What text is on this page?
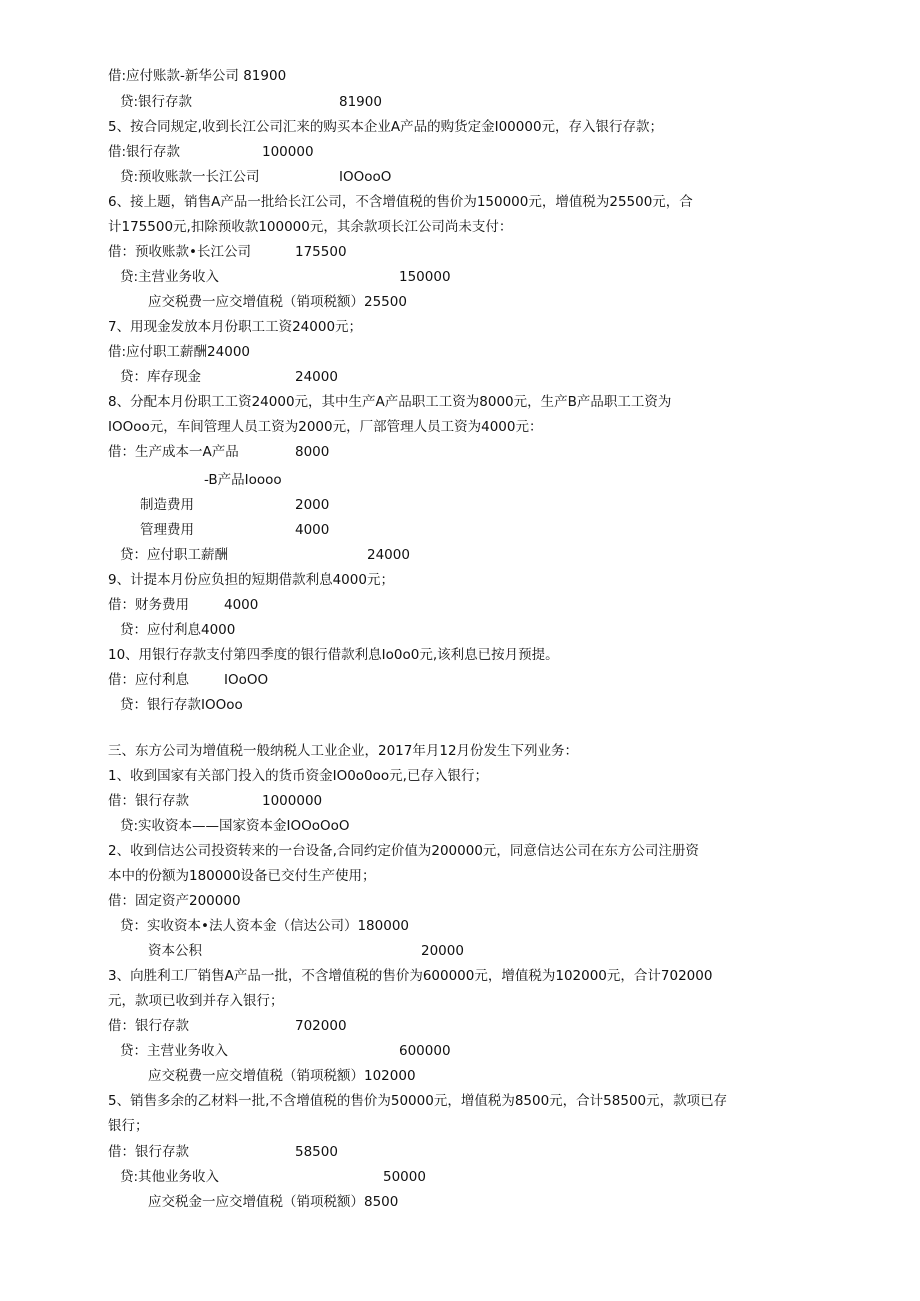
借:应付账款-新华公司 81900
贷:银行存款	81900
5、按合同规定,收到长江公司汇来的购买本企业A产品的购货定金I00000元，存入银行存款；
借:银行存款	100000
贷:预收账款一长江公司	IOOooO
6、接上题，销售A产品一批给长江公司，不含增值税的售价为150000元，增值税为25500元，合
计175500元,扣除预收款100000元，其余款项长江公司尚未支付：
借：预收账款•长江公司	175500
贷:主营业务收入	150000
应交税费一应交增值税（销项税额）25500
7、用现金发放本月份职工工资24000元；
借:应付职工薪酬24000
贷：库存现金	24000
8、分配本月份职工工资24000元，其中生产A产品职工工资为8000元，生产B产品职工工资为
IOOoo元，车间管理人员工资为2000元，厂部管理人员工资为4000元：
借：生产成本一A产品	8000
-B产品Ioooo
制造费用	2000
管理费用	4000
贷：应付职工薪酬	24000
9、计提本月份应负担的短期借款利息4000元；
借：财务费用	4000
贷：应付利息4000
10、用银行存款支付第四季度的银行借款利息Io0o0元,该利息已按月预提。
借：应付利息	IOoOO
贷：银行存款IOOoo
三、东方公司为增值税一般纳税人工业企业，2017年月12月份发生下列业务：
1、收到国家有关部门投入的货币资金IO0o0oo元,已存入银行；
借：银行存款	1000000
贷:实收资本——国家资本金IOOoOoO
2、收到信达公司投资转来的一台设备,合同约定价值为200000元，同意信达公司在东方公司注册资
本中的份额为180000设备已交付生产使用；
借：固定资产200000
贷：实收资本•法人资本金（信达公司）180000
资本公积	20000
3、向胜利工厂销售A产品一批，不含增值税的售价为600000元，增值税为102000元，合计702000
元，款项已收到并存入银行；
借：银行存款	702000
贷：主营业务收入	600000
应交税费一应交增值税（销项税额）102000
5、销售多余的乙材料一批,不含增值税的售价为50000元，增值税为8500元，合计58500元，款项已存
银行；
借：银行存款	58500
贷:其他业务收入	50000
应交税金一应交增值税（销项税额）8500
